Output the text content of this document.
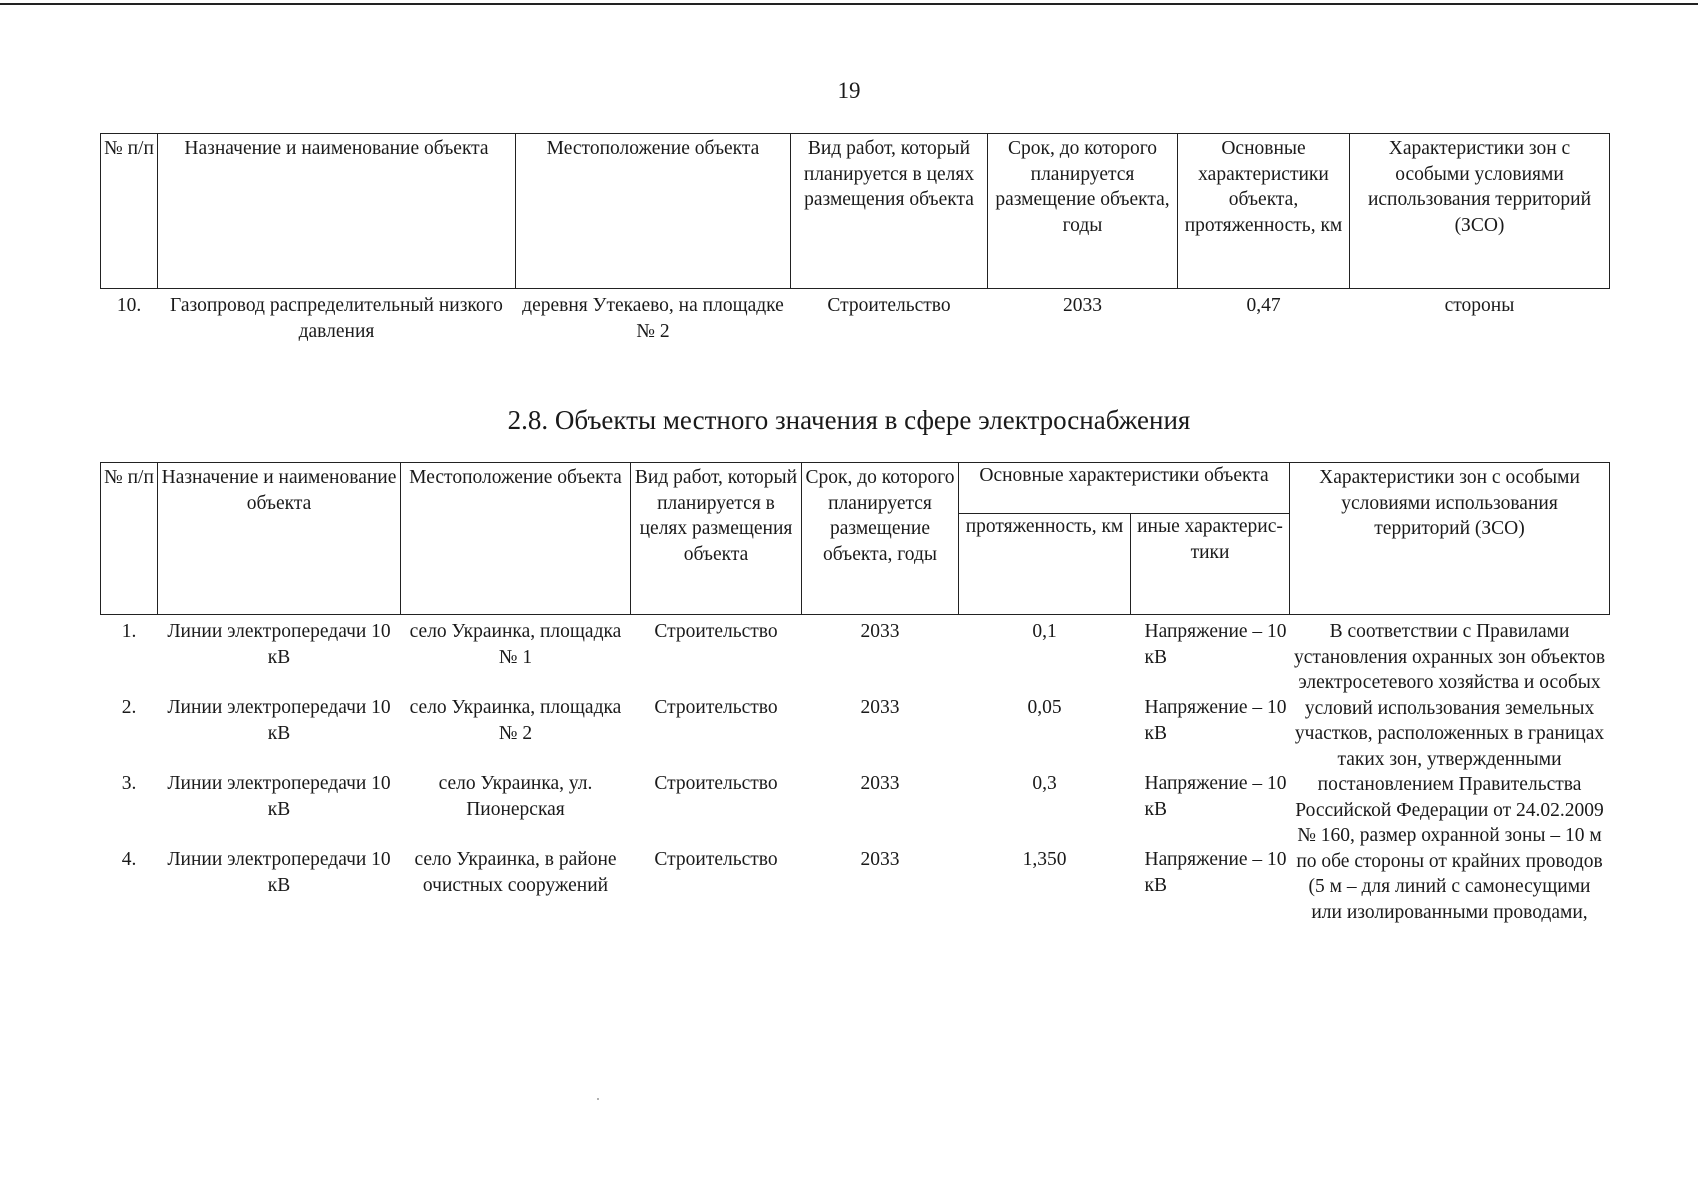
19
№ п/п	Назначение и наименование объекта	Местоположение объекта	Вид работ, который планируется в целях размещения объекта	Срок, до которого планируется размещение объекта, годы	Основные характеристики объекта, протяженность, км	Характеристики зон с особыми условиями использования территорий (ЗСО)
10.	Газопровод распределительный низкого давления	деревня Утекаево, на площадке № 2	Строительство	2033	0,47	стороны
2.8. Объекты местного значения в сфере электроснабжения
№ п/п	Назначение и наименование объекта	Местоположение объекта	Вид работ, который планируется в целях размещения объекта	Срок, до которого планируется размещение объекта, годы	Основные характеристики объекта		Характеристики зон с особыми условиями использования территорий (ЗСО)
					протяженность, км	иные характерис-тики	
1.	Линии электропередачи 10 кВ	село Украинка, площадка № 1	Строительство	2033	0,1	Напряжение – 10 кВ	В соответствии с Правилами установления охранных зон объектов электросетевого хозяйства и особых условий использования земельных участков, расположенных в границах таких зон, утвержденными постановлением Правительства Российской Федерации от 24.02.2009 № 160, размер охранной зоны – 10 м по обе стороны от крайних проводов (5 м – для линий с самонесущими или изолированными проводами,
2.	Линии электропередачи 10 кВ	село Украинка, площадка № 2	Строительство	2033	0,05	Напряжение – 10 кВ	
3.	Линии электропередачи 10 кВ	село Украинка, ул. Пионерская	Строительство	2033	0,3	Напряжение – 10 кВ	
4.	Линии электропередачи 10 кВ	село Украинка, в районе очистных сооружений	Строительство	2033	1,350	Напряжение – 10 кВ	
